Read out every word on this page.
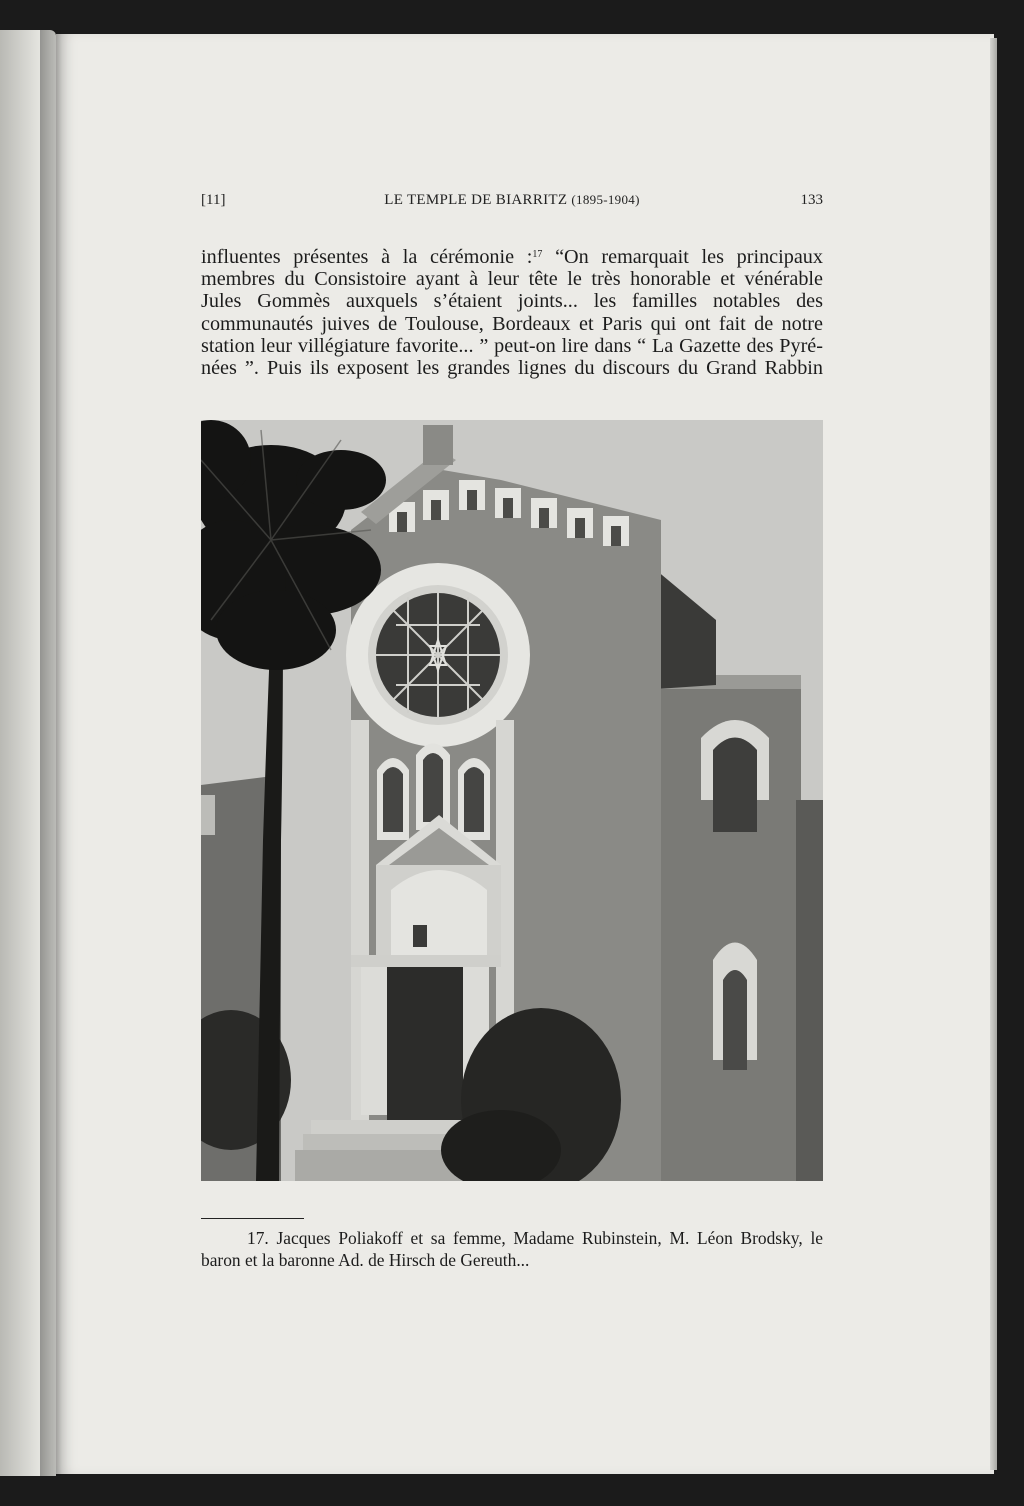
[11]	LE TEMPLE DE BIARRITZ (1895-1904)	133
influentes présentes à la cérémonie :$^{17}$ “On remarquait les principaux
membres du Consistoire ayant à leur tête le très honorable et vénérable
Jules Gommès auxquels s’étaient joints... les familles notables des
communautés juives de Toulouse, Bordeaux et Paris qui ont fait de notre
station leur villégiature favorite... ” peut-on lire dans “ La Gazette des Pyré-
nées ”. Puis ils exposent les grandes lignes du discours du Grand Rabbin
17. Jacques Poliakoff et sa femme, Madame Rubinstein, M. Léon Brodsky, le
baron et la baronne Ad. de Hirsch de Gereuth...
